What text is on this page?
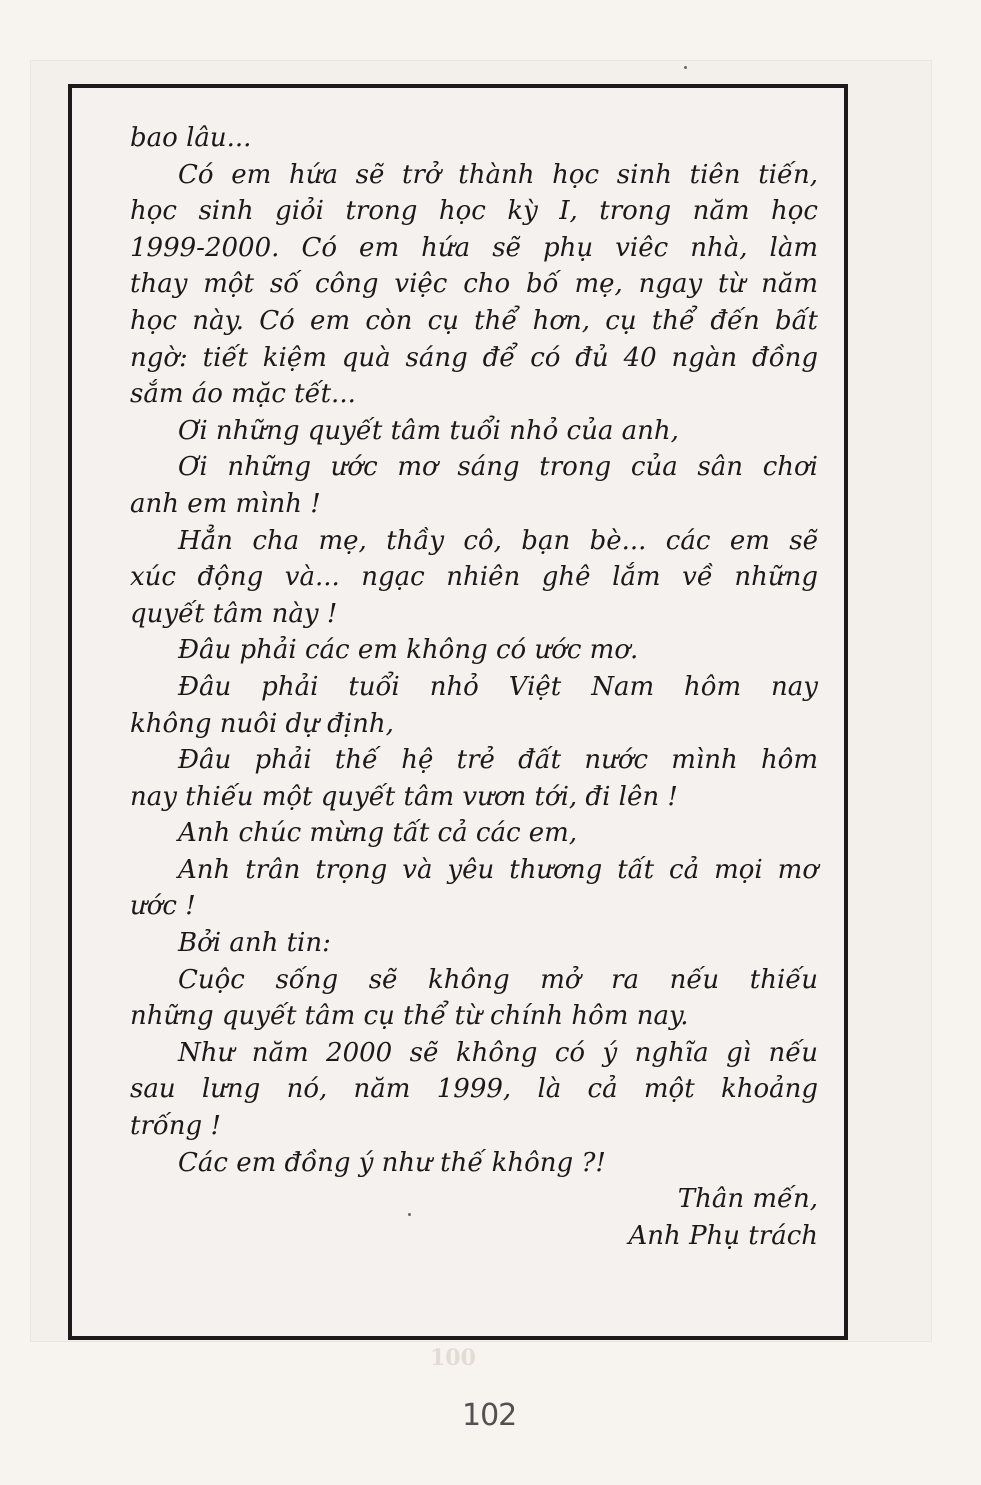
100
bao lâu...
Có em hứa sẽ trở thành học sinh tiên tiến,
học sinh giỏi trong học kỳ I, trong năm học
1999-2000. Có em hứa sẽ phụ viêc nhà, làm
thay một số công việc cho bố mẹ, ngay từ năm
học này. Có em còn cụ thể hơn, cụ thể đến bất
ngờ: tiết kiệm quà sáng để có đủ 40 ngàn đồng
sắm áo mặc tết...
Ơi những quyết tâm tuổi nhỏ của anh,
Ơi những ước mơ sáng trong của sân chơi
anh em mình !
Hẳn cha mẹ, thầy cô, bạn bè... các em sẽ
xúc động và... ngạc nhiên ghê lắm về những
quyết tâm này !
Đâu phải các em không có ước mơ.
Đâu phải tuổi nhỏ Việt Nam hôm nay
không nuôi dự định,
Đâu phải thế hệ trẻ đất nước mình hôm
nay thiếu một quyết tâm vươn tới, đi lên !
Anh chúc mừng tất cả các em,
Anh trân trọng và yêu thương tất cả mọi mơ
ước !
Bởi anh tin:
Cuộc sống sẽ không mở ra nếu thiếu
những quyết tâm cụ thể từ chính hôm nay.
Như năm 2000 sẽ không có ý nghĩa gì nếu
sau lưng nó, năm 1999, là cả một khoảng
trống !
Các em đồng ý như thế không ?!
Thân mến,
Anh Phụ trách
102
